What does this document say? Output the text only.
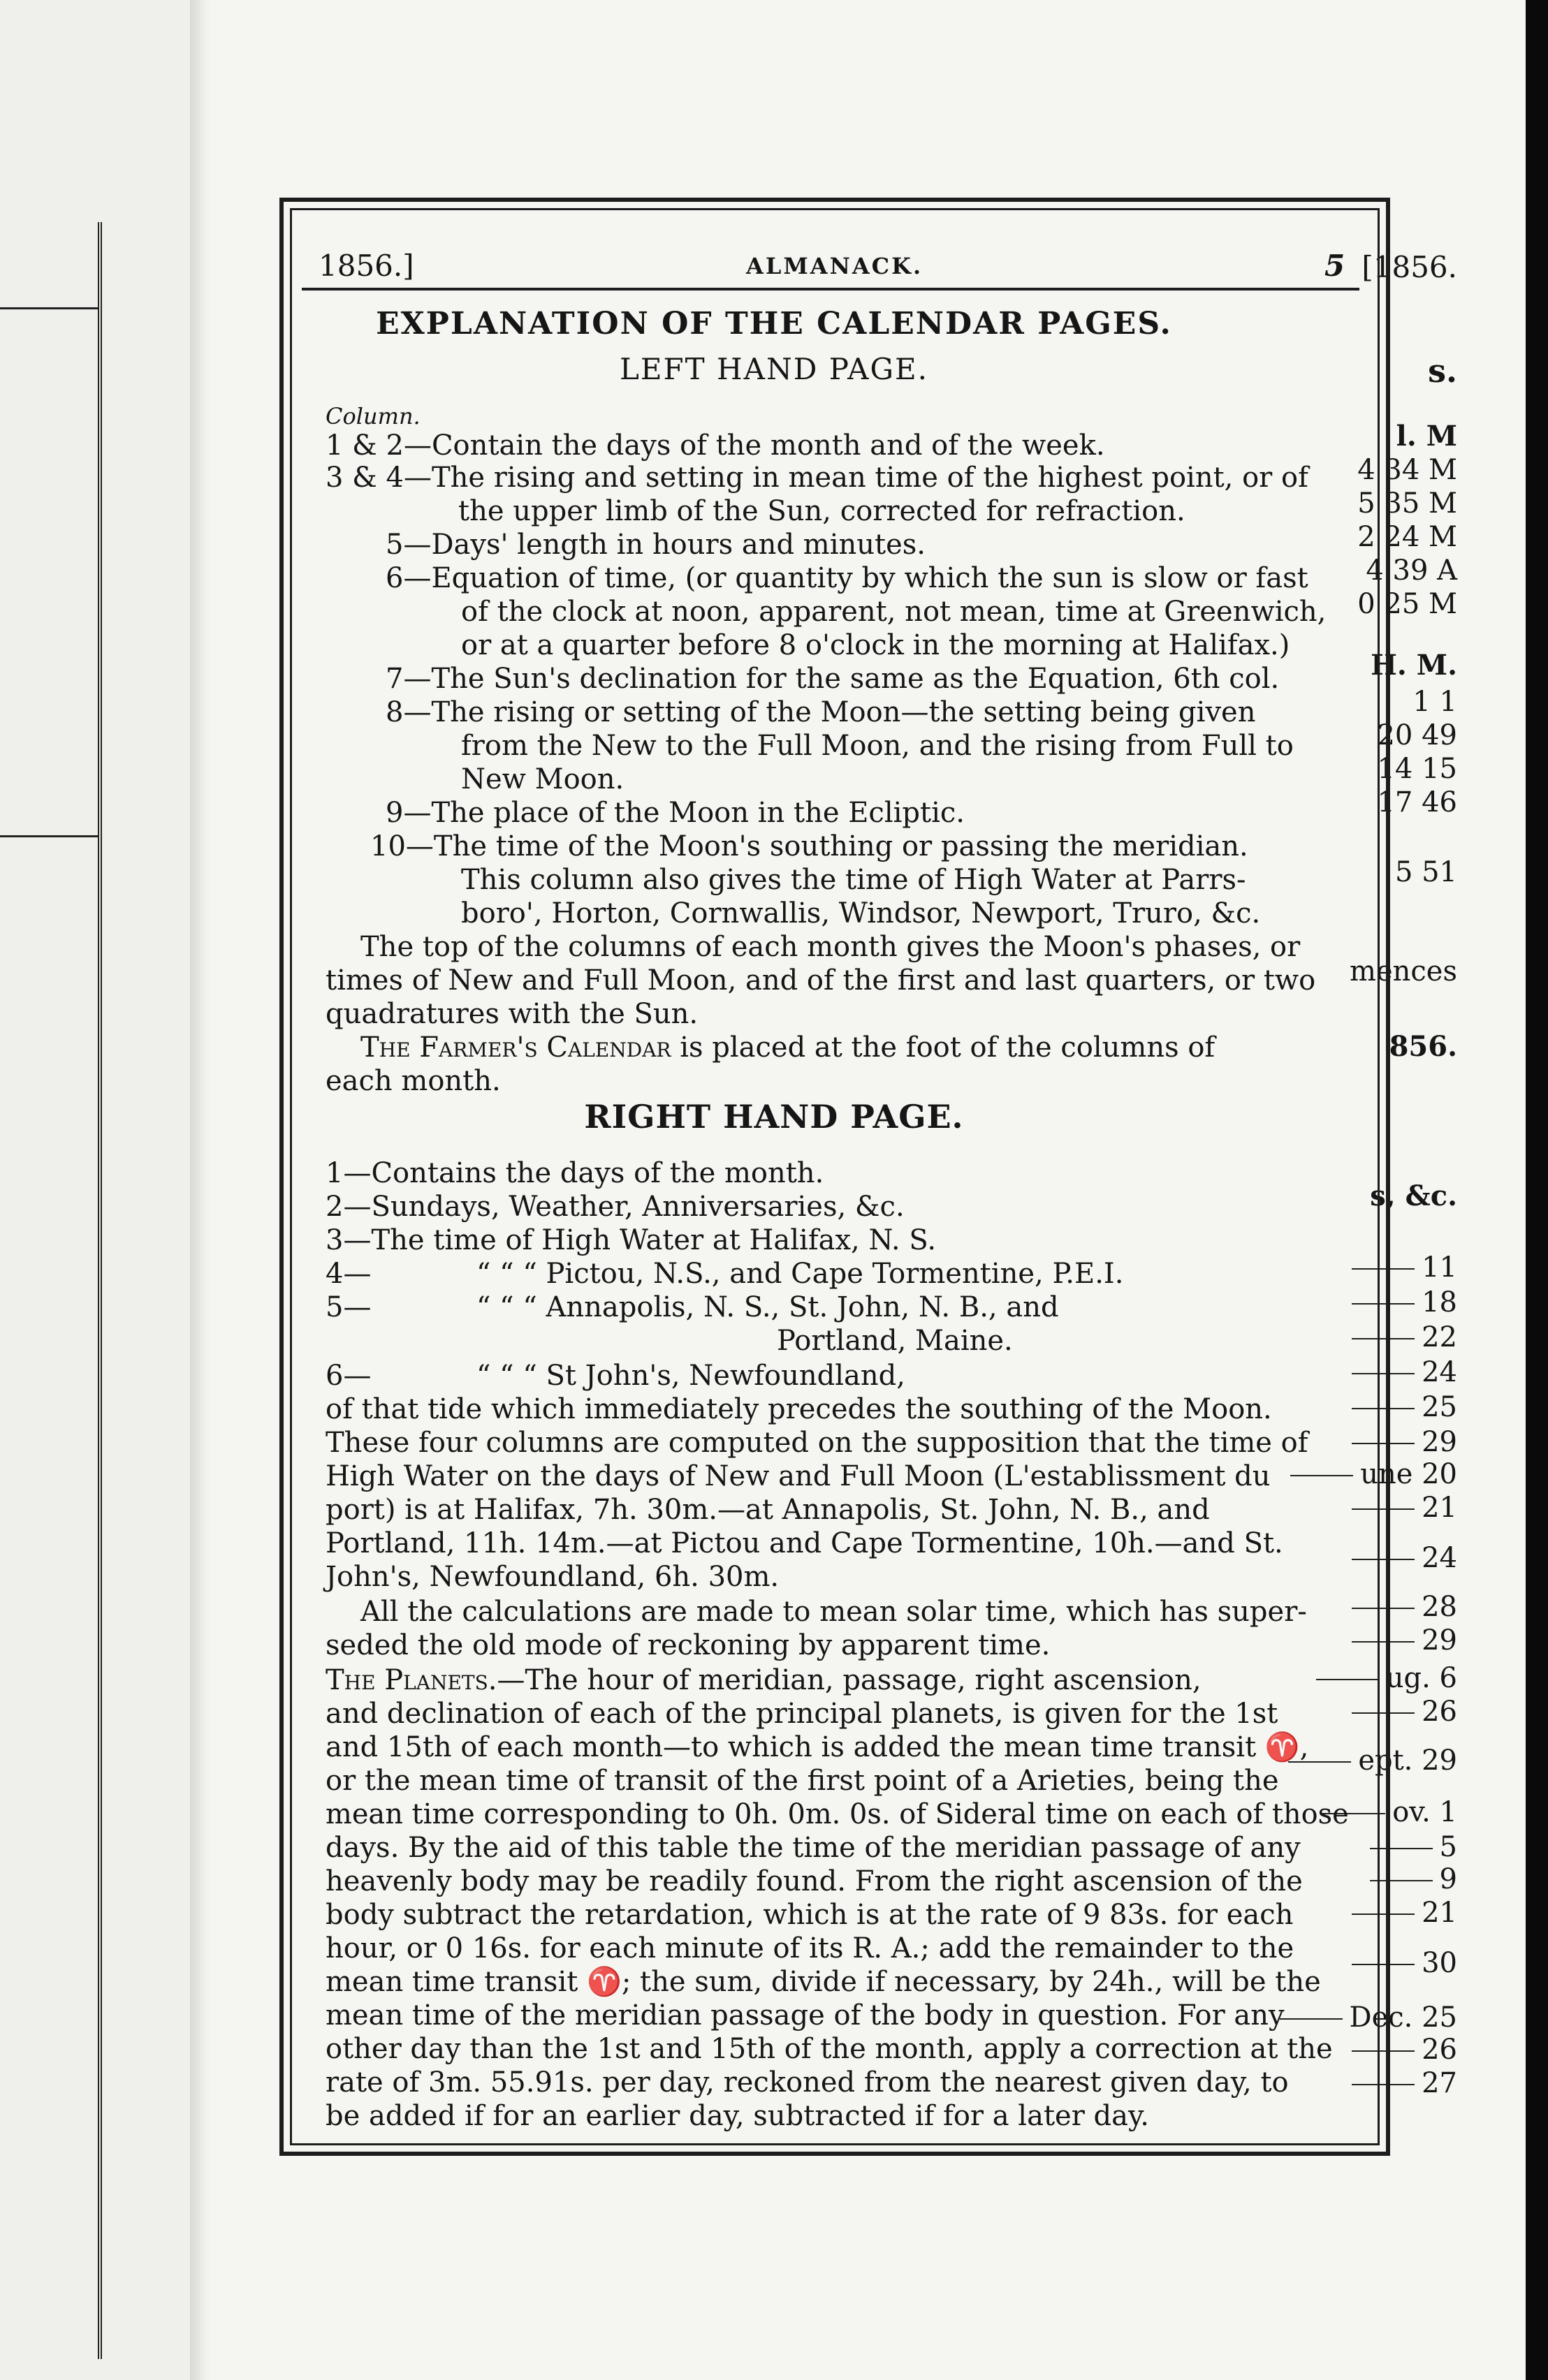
[1856.
s.
l. M
4 34 M
5 35 M
2 24 M
4 39 A
0 25 M
H. M.
1 1
20 49
14 15
17 46
5 51
mences
856.
s, &c.
11
18
22
24
25
29
une 20
21
24
28
29
ug. 6
26
ept. 29
ov. 1
5
9
21
30
Dec. 25
26
27
1856.]	ALMANACK.	5
EXPLANATION OF THE CALENDAR PAGES.
LEFT HAND PAGE.
Column.
1 & 2—Contain the days of the month and of the week.
3 & 4—The rising and setting in mean time of the highest point, or of
the upper limb of the Sun, corrected for refraction.
5—Days' length in hours and minutes.
6—Equation of time, (or quantity by which the sun is slow or fast
of the clock at noon, apparent, not mean, time at Greenwich,
or at a quarter before 8 o'clock in the morning at Halifax.)
7—The Sun's declination for the same as the Equation, 6th col.
8—The rising or setting of the Moon—the setting being given
from the New to the Full Moon, and the rising from Full to
New Moon.
9—The place of the Moon in the Ecliptic.
10—The time of the Moon's southing or passing the meridian.
This column also gives the time of High Water at Parrs-
boro', Horton, Cornwallis, Windsor, Newport, Truro, &c.
The top of the columns of each month gives the Moon's phases, or
times of New and Full Moon, and of the first and last quarters, or two
quadratures with the Sun.
The Farmer's Calendar is placed at the foot of the columns of
each month.
RIGHT HAND PAGE.
1—Contains the days of the month.
2—Sundays, Weather, Anniversaries, &c.
3—The time of High Water at Halifax, N. S.
4—	“ “ “ Pictou, N.S., and Cape Tormentine, P.E.I.
5—	“ “ “ Annapolis, N. S., St. John, N. B., and
Portland, Maine.
6—	“ “ “ St John's, Newfoundland,
of that tide which immediately precedes the southing of the Moon.
These four columns are computed on the supposition that the time of
High Water on the days of New and Full Moon (L'establissment du
port) is at Halifax, 7h. 30m.—at Annapolis, St. John, N. B., and
Portland, 11h. 14m.—at Pictou and Cape Tormentine, 10h.—and St.
John's, Newfoundland, 6h. 30m.
All the calculations are made to mean solar time, which has super-
seded the old mode of reckoning by apparent time.
The Planets.—The hour of meridian, passage, right ascension,
and declination of each of the principal planets, is given for the 1st
and 15th of each month—to which is added the mean time transit ♈,
or the mean time of transit of the first point of a Arieties, being the
mean time corresponding to 0h. 0m. 0s. of Sideral time on each of those
days. By the aid of this table the time of the meridian passage of any
heavenly body may be readily found. From the right ascension of the
body subtract the retardation, which is at the rate of 9 83s. for each
hour, or 0 16s. for each minute of its R. A.; add the remainder to the
mean time transit ♈; the sum, divide if necessary, by 24h., will be the
mean time of the meridian passage of the body in question. For any
other day than the 1st and 15th of the month, apply a correction at the
rate of 3m. 55.91s. per day, reckoned from the nearest given day, to
be added if for an earlier day, subtracted if for a later day.
